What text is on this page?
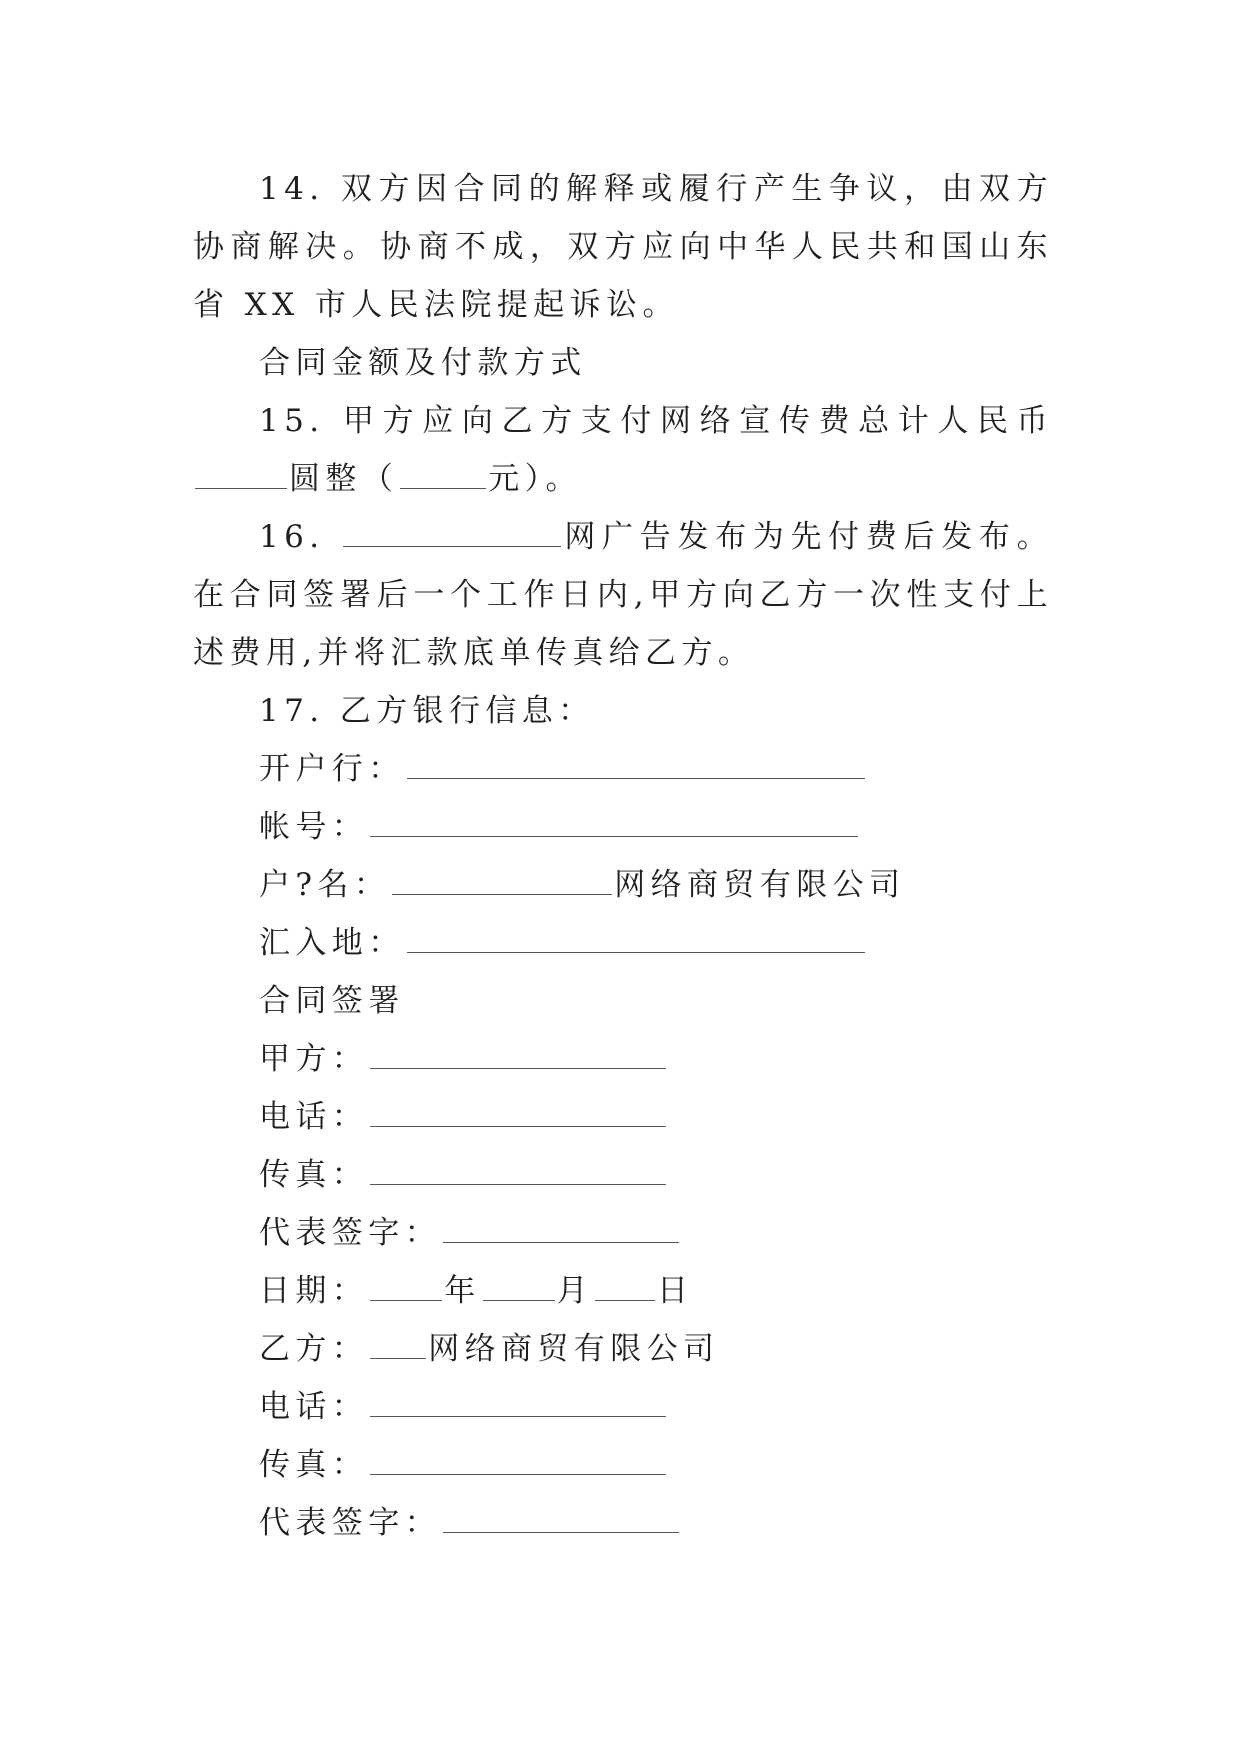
14. 双方因合同的解释或履行产生争议，由双方协商解决。协商不成，双方应向中华人民共和国山东省 XX 市人民法院提起诉讼。

合同金额及付款方式

15. 甲方应向乙方支付网络宣传费总计人民币圆整（	元）。

16.	网广告发布为先付费后发布。在合同签署后一个工作日内,甲方向乙方一次性支付上述费用,并将汇款底单传真给乙方。

17. 乙方银行信息：

开户行：

帐号：

户?名：	网络商贸有限公司

汇入地：

合同签署

甲方：

电话：

传真：

代表签字：

日期： 年 月 日

乙方： 网络商贸有限公司

电话：

传真：

代表签字：
